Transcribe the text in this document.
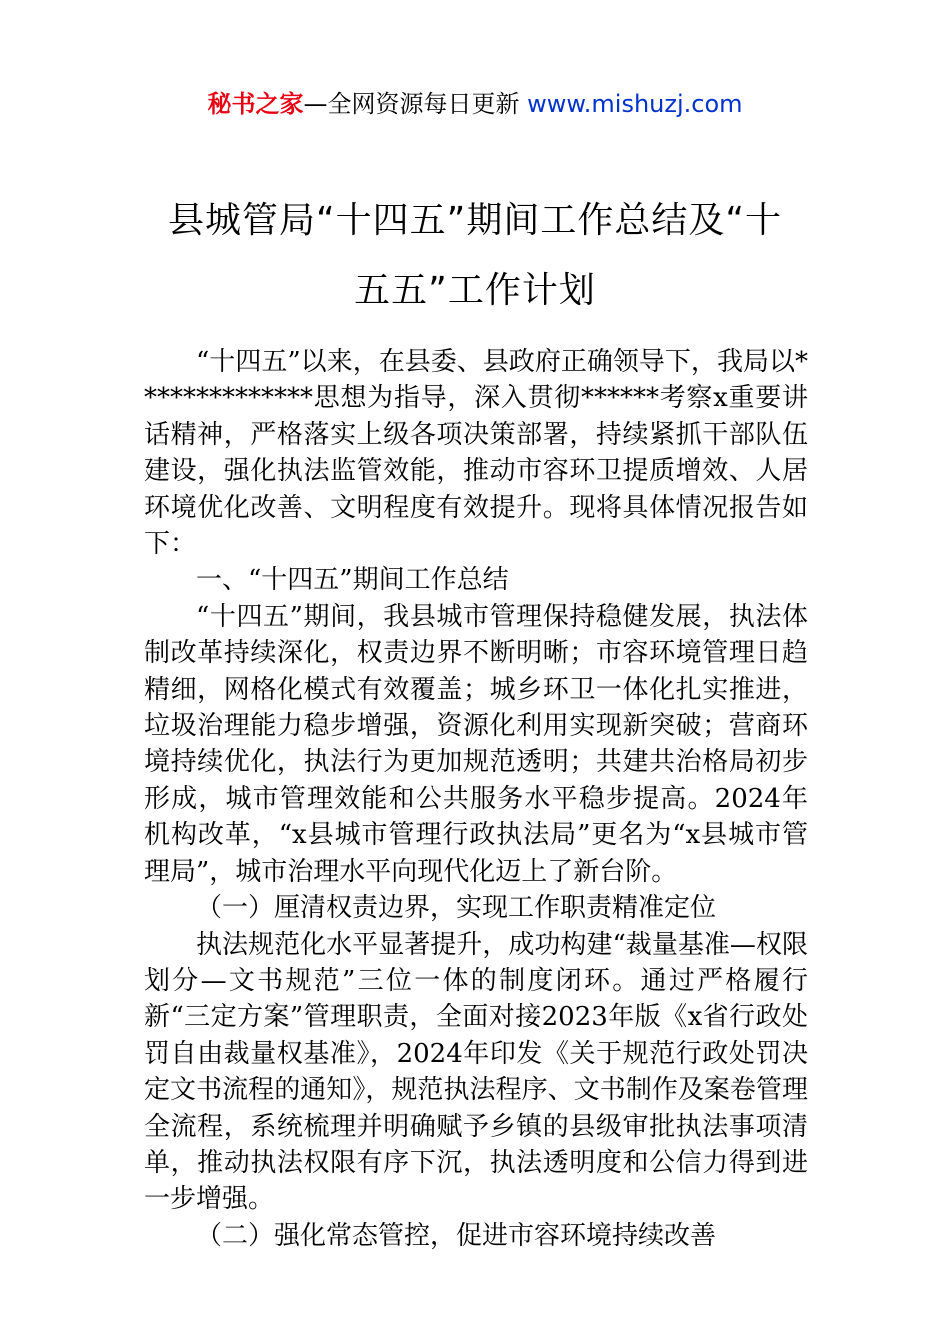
秘书之家—全网资源每日更新 www.mishuzj.com
县城管局“十四五”期间工作总结及“十
五五”工作计划

“十四五”以来，在县委、县政府正确领导下，我局以**************思想为指导，深入贯彻******考察x重要讲话精神，严格落实上级各项决策部署，持续紧抓干部队伍建设，强化执法监管效能，推动市容环卫提质增效、人居环境优化改善、文明程度有效提升。现将具体情况报告如下：

一、“十四五”期间工作总结

“十四五”期间，我县城市管理保持稳健发展，执法体制改革持续深化，权责边界不断明晰；市容环境管理日趋精细，网格化模式有效覆盖；城乡环卫一体化扎实推进，垃圾治理能力稳步增强，资源化利用实现新突破；营商环境持续优化，执法行为更加规范透明；共建共治格局初步形成，城市管理效能和公共服务水平稳步提高。2024年机构改革，“x县城市管理行政执法局”更名为“x县城市管理局”，城市治理水平向现代化迈上了新台阶。

（一）厘清权责边界，实现工作职责精准定位

执法规范化水平显著提升，成功构建“裁量基准—权限划分—文书规范”三位一体的制度闭环。通过严格履行新“三定方案”管理职责，全面对接2023年版《x省行政处罚自由裁量权基准》，2024年印发《关于规范行政处罚决定文书流程的通知》，规范执法程序、文书制作及案卷管理全流程，系统梳理并明确赋予乡镇的县级审批执法事项清单，推动执法权限有序下沉，执法透明度和公信力得到进一步增强。

（二）强化常态管控，促进市容环境持续改善
